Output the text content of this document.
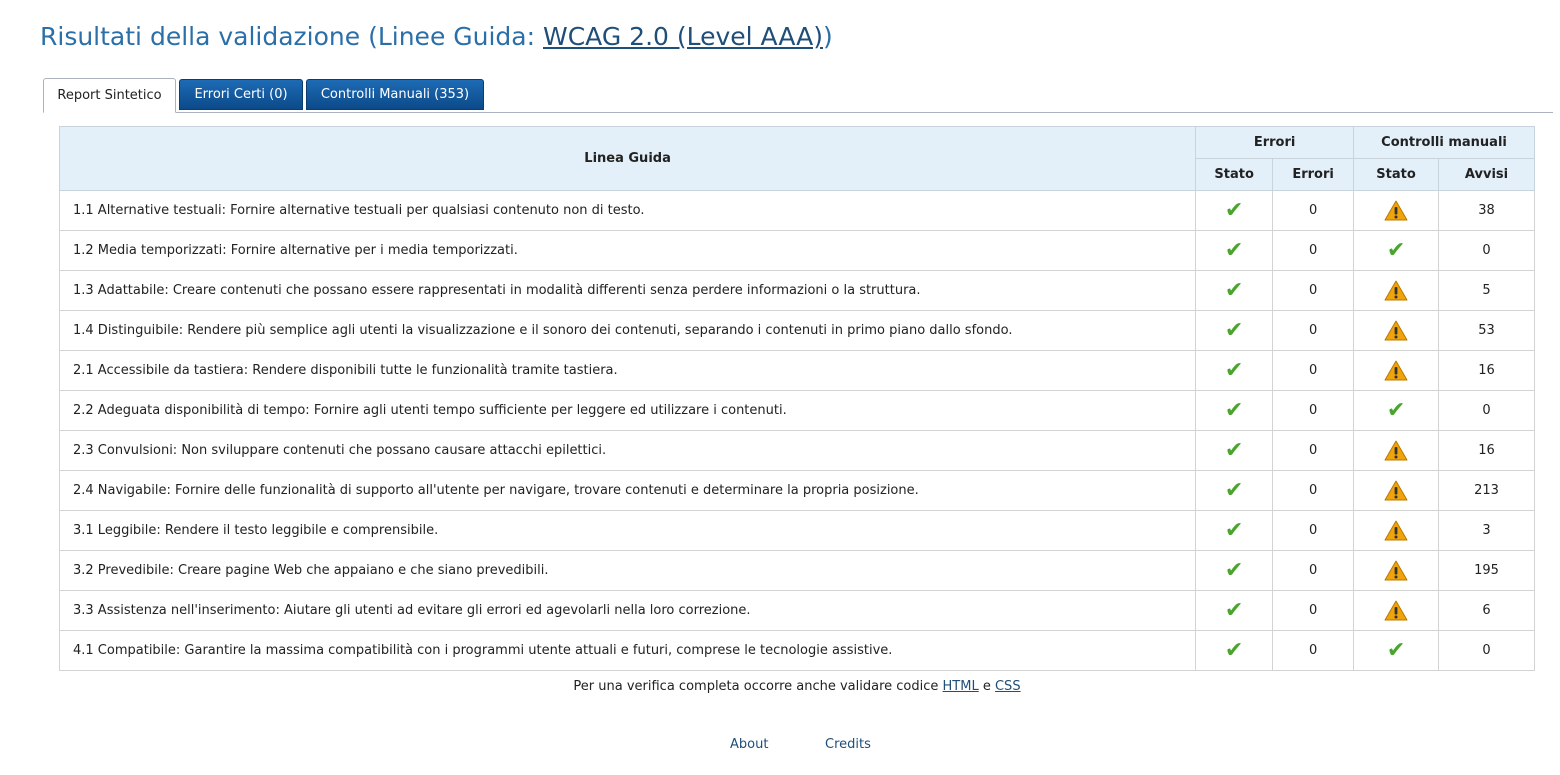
Risultati della validazione (Linee Guida: WCAG 2.0 (Level AAA))
Report Sintetico	Errori Certi (0)	Controlli Manuali (353)
Linea Guida	Errori		Controlli manuali	
	Stato	Errori	Stato	Avvisi
1.1 Alternative testuali: Fornire alternative testuali per qualsiasi contenuto non di testo.	✔	0		38
1.2 Media temporizzati: Fornire alternative per i media temporizzati.	✔	0	✔	0
1.3 Adattabile: Creare contenuti che possano essere rappresentati in modalità differenti senza perdere informazioni o la struttura.	✔	0		5
1.4 Distinguibile: Rendere più semplice agli utenti la visualizzazione e il sonoro dei contenuti, separando i contenuti in primo piano dallo sfondo.	✔	0		53
2.1 Accessibile da tastiera: Rendere disponibili tutte le funzionalità tramite tastiera.	✔	0		16
2.2 Adeguata disponibilità di tempo: Fornire agli utenti tempo sufficiente per leggere ed utilizzare i contenuti.	✔	0	✔	0
2.3 Convulsioni: Non sviluppare contenuti che possano causare attacchi epilettici.	✔	0		16
2.4 Navigabile: Fornire delle funzionalità di supporto all'utente per navigare, trovare contenuti e determinare la propria posizione.	✔	0		213
3.1 Leggibile: Rendere il testo leggibile e comprensibile.	✔	0		3
3.2 Prevedibile: Creare pagine Web che appaiano e che siano prevedibili.	✔	0		195
3.3 Assistenza nell'inserimento: Aiutare gli utenti ad evitare gli errori ed agevolarli nella loro correzione.	✔	0		6
4.1 Compatibile: Garantire la massima compatibilità con i programmi utente attuali e futuri, comprese le tecnologie assistive.	✔	0	✔	0
Per una verifica completa occorre anche validare codice HTML e CSS
About	Credits
